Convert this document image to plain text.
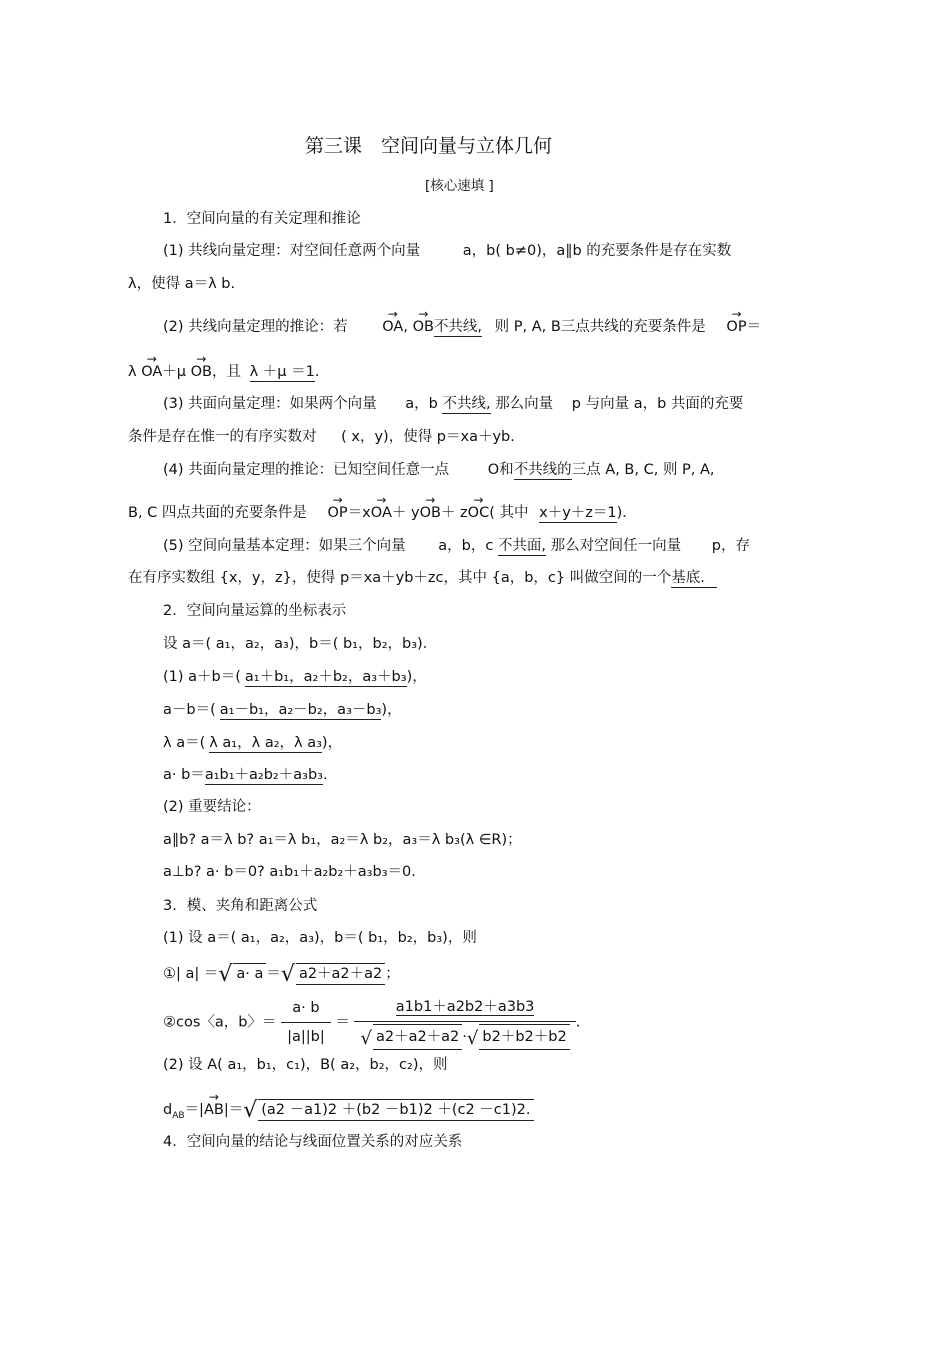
第三课　空间向量与立体几何
[核心速填 ]
1．空间向量的有关定理和推论
(1) 共线向量定理：对空间任意两个向量	a，b( b≠0)，a∥b 的充要条件是存在实数
λ，使得 a＝λ b.
(2) 共线向量定理的推论：若 → OA, → OB不共线, 则 P, A, B三点共线的充要条件是 → OP＝
λ → OA＋μ → OB，且 λ ＋μ ＝1.
(3) 共面向量定理：如果两个向量 a，b 不共线, 那么向量 p 与向量 a，b 共面的充要
条件是存在惟一的有序实数对 ( x，y)，使得 p＝xa＋yb.
(4) 共面向量定理的推论：已知空间任意一点	O和不共线的三点 A, B, C, 则 P, A,
B, C 四点共面的充要条件是 → OP＝x→ OA＋ y→ OB＋ z→ OC( 其中 x＋y＋z＝1)．
(5) 空间向量基本定理：如果三个向量 a，b，c 不共面, 那么对空间任一向量 p，存
在有序实数组 {x，y，z}，使得 p＝xa＋yb＋zc，其中 {a，b，c} 叫做空间的一个基底.
2．空间向量运算的坐标表示
设 a＝( a₁，a₂，a₃)，b＝( b₁，b₂，b₃)．
(1) a＋b＝( a₁＋b₁，a₂＋b₂，a₃＋b₃)，
a－b＝( a₁－b₁，a₂－b₂，a₃－b₃)，
λ a＝( λ a₁，λ a₂，λ a₃)，
a· b＝a₁b₁＋a₂b₂＋a₃b₃.
(2) 重要结论：
a∥b? a＝λ b? a₁＝λ b₁，a₂＝λ b₂，a₃＝λ b₃(λ ∈R)；
a⊥b? a· b＝0? a₁b₁＋a₂b₂＋a₃b₃＝0.
3．模、夹角和距离公式
(1) 设 a＝( a₁，a₂，a₃)，b＝( b₁，b₂，b₃)，则
①| a| ＝√ a· a ＝√ a2＋a2＋a2 ；
②cos〈a，b〉＝ $\frac{a\cdot b}{|a||b|} = \frac{a1b1+a2b2+a3b3}{√ a2+a2+a2 \cdot√ b2+b2+b2}$ .
(2) 设 A( a₁，b₁，c₁)，B( a₂，b₂，c₂)，则
$d_{AB}=|\to AB|=√$ (a2 －a1)2 ＋(b2 －b1)2 ＋(c2 －c1)2.
4．空间向量的结论与线面位置关系的对应关系
